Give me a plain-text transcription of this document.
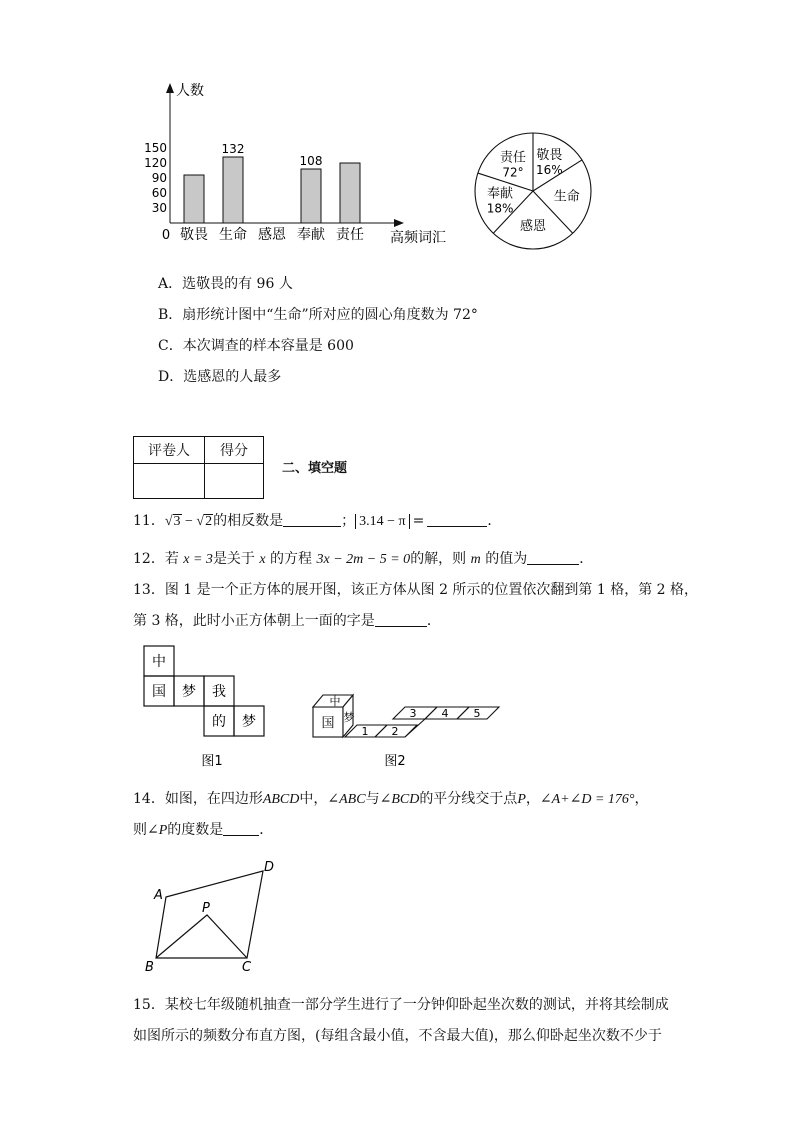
敬畏
132
生命 感恩
108
奉献 责任
人数
高频词汇
0
30
60
90
120
150
敬畏
16%
生命
感恩
奉献
18%
责任
72°
A．选敬畏的有 96 人
B．扇形统计图中“生命”所对应的圆心角度数为 72°
C．本次调查的样本容量是 600
D．选感恩的人最多
评卷人	得分

二、填空题
11．√3 − √2的相反数是	； 3.14 − π =	．
12．若 x = 3是关于 x 的方程 3x − 2m − 5 = 0的解，则 m 的值为	．
13．图 1 是一个正方体的展开图，该正方体从图 2 所示的位置依次翻到第 1 格，第 2 格，
第 3 格，此时小正方体朝上一面的字是	．
中
国 梦 我
的 梦
图1
国
中
梦
1 2
3 4 5
图2
14．如图，在四边形ABCD中，∠ABC与∠BCD的平分线交于点P，∠A+∠D = 176°，
则∠P的度数是	．
A
D
P
B	C
15．某校七年级随机抽查一部分学生进行了一分钟仰卧起坐次数的测试，并将其绘制成
如图所示的频数分布直方图，(每组含最小值，不含最大值)，那么仰卧起坐次数不少于
